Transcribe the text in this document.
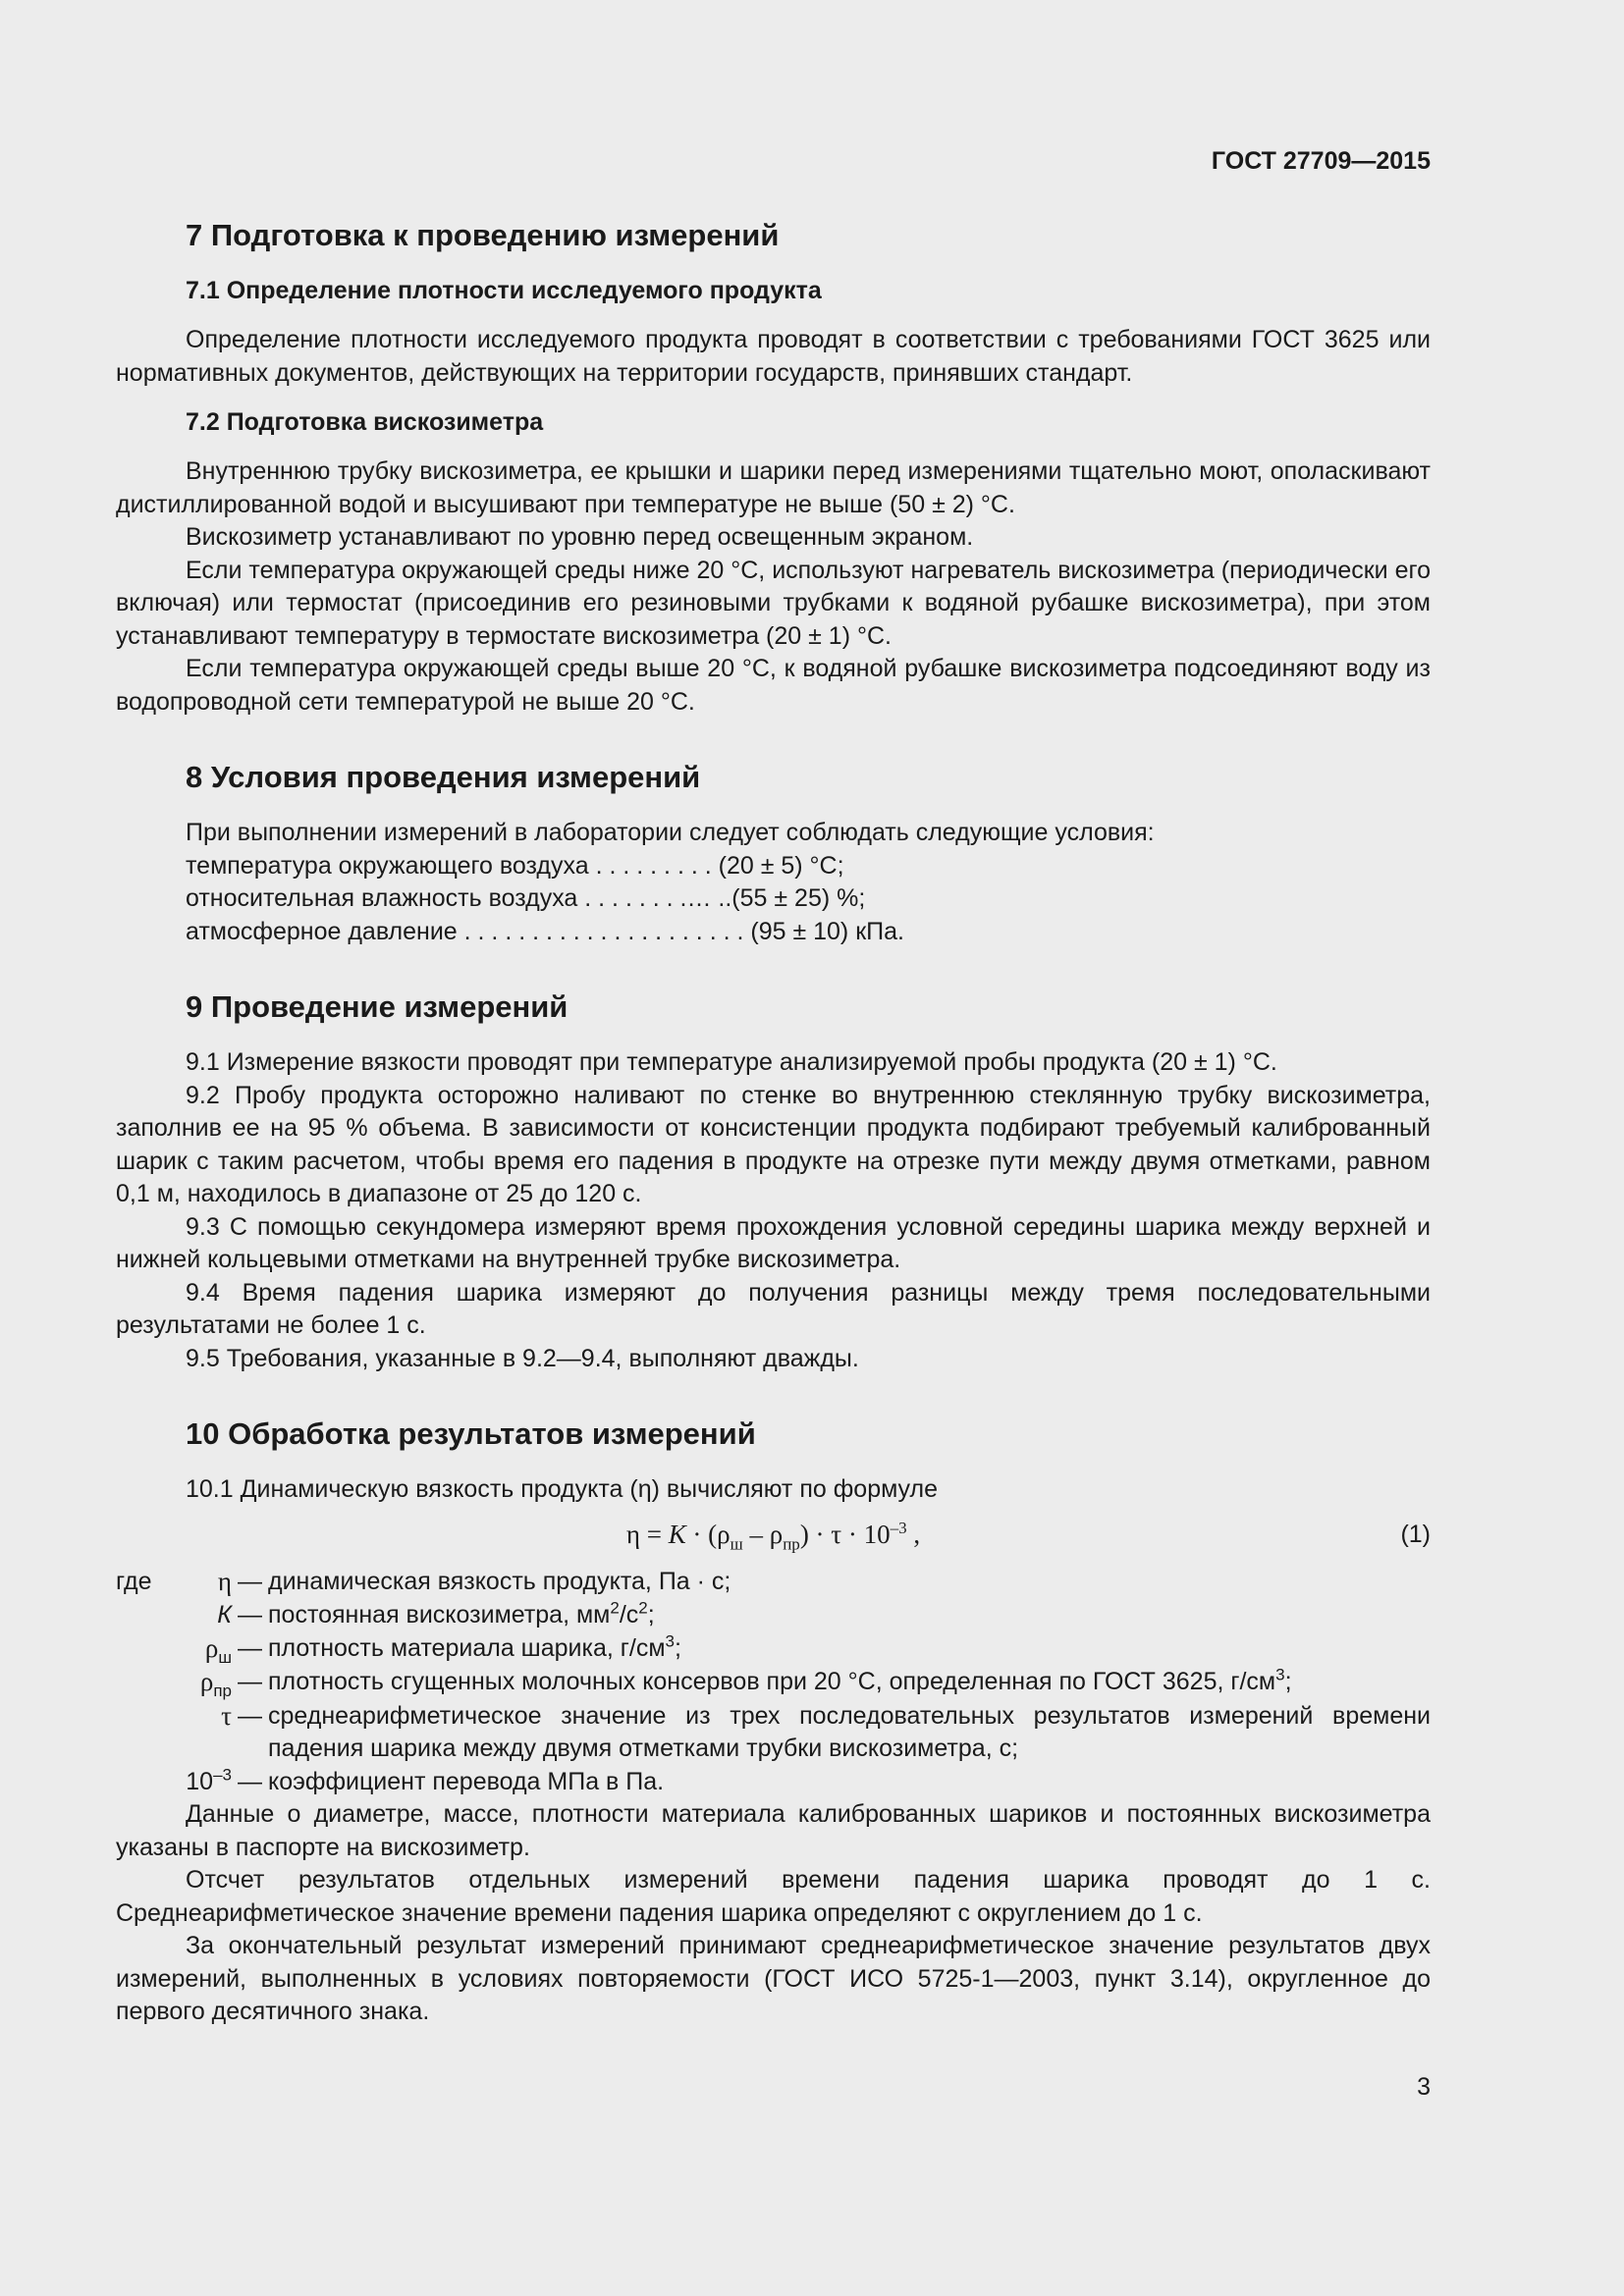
ГОСТ 27709—2015
7 Подготовка к проведению измерений
7.1 Определение плотности исследуемого продукта

Определение плотности исследуемого продукта проводят в соответствии с требованиями ГОСТ 3625 или нормативных документов, действующих на территории государств, принявших стандарт.

7.2 Подготовка вискозиметра

Внутреннюю трубку вискозиметра, ее крышки и шарики перед измерениями тщательно моют, ополаскивают дистиллированной водой и высушивают при температуре не выше (50 ± 2) °С.

Вискозиметр устанавливают по уровню перед освещенным экраном.

Если температура окружающей среды ниже 20 °С, используют нагреватель вискозиметра (периодически его включая) или термостат (присоединив его резиновыми трубками к водяной рубашке вискозиметра), при этом устанавливают температуру в термостате вискозиметра (20 ± 1) °С.

Если температура окружающей среды выше 20 °С, к водяной рубашке вискозиметра подсоединяют воду из водопроводной сети температурой не выше 20 °С.

8 Условия проведения измерений

При выполнении измерений в лаборатории следует соблюдать следующие условия:

температура окружающего воздуха . . . . . . . . . (20 ± 5) °С;

относительная влажность воздуха . . . . . . . .… ..(55 ± 25) %;

атмосферное давление . . . . . . . . . . . . . . . . . . . . . (95 ± 10) кПа.

9 Проведение измерений

9.1 Измерение вязкости проводят при температуре анализируемой пробы продукта (20 ± 1) °С.

9.2 Пробу продукта осторожно наливают по стенке во внутреннюю стеклянную трубку вискозиметра, заполнив ее на 95 % объема. В зависимости от консистенции продукта подбирают требуемый калиброванный шарик с таким расчетом, чтобы время его падения в продукте на отрезке пути между двумя отметками, равном 0,1 м, находилось в диапазоне от 25 до 120 с.

9.3 С помощью секундомера измеряют время прохождения условной середины шарика между верхней и нижней кольцевыми отметками на внутренней трубке вискозиметра.

9.4 Время падения шарика измеряют до получения разницы между тремя последовательными результатами не более 1 с.

9.5 Требования, указанные в 9.2—9.4, выполняют дважды.

10 Обработка результатов измерений

10.1 Динамическую вязкость продукта (η) вычисляют по формуле

$\eta = К \cdot (\rho_ш - \rho_{пр}) \cdot \tau \cdot 10^{-3}$ ,	(1)
где η — динамическая вязкость продукта, Па · с;
К — постоянная вискозиметра, $мм^2/с^2$;
$\rho_ш$ — плотность материала шарика, $г/см^3$;
$\rho_{пр}$ — плотность сгущенных молочных консервов при 20 °С, определенная по ГОСТ 3625, $г/см^3$;
τ — среднеарифметическое значение из трех последовательных результатов измерений времени падения шарика между двумя отметками трубки вискозиметра, с;
$10^{-3}$ — коэффициент перевода МПа в Па.

Данные о диаметре, массе, плотности материала калиброванных шариков и постоянных вискозиметра указаны в паспорте на вискозиметр.

Отсчет результатов отдельных измерений времени падения шарика проводят до 1 с. Среднеарифметическое значение времени падения шарика определяют с округлением до 1 с.

За окончательный результат измерений принимают среднеарифметическое значение результатов двух измерений, выполненных в условиях повторяемости (ГОСТ ИСО 5725-1—2003, пункт 3.14), округленное до первого десятичного знака.

3
